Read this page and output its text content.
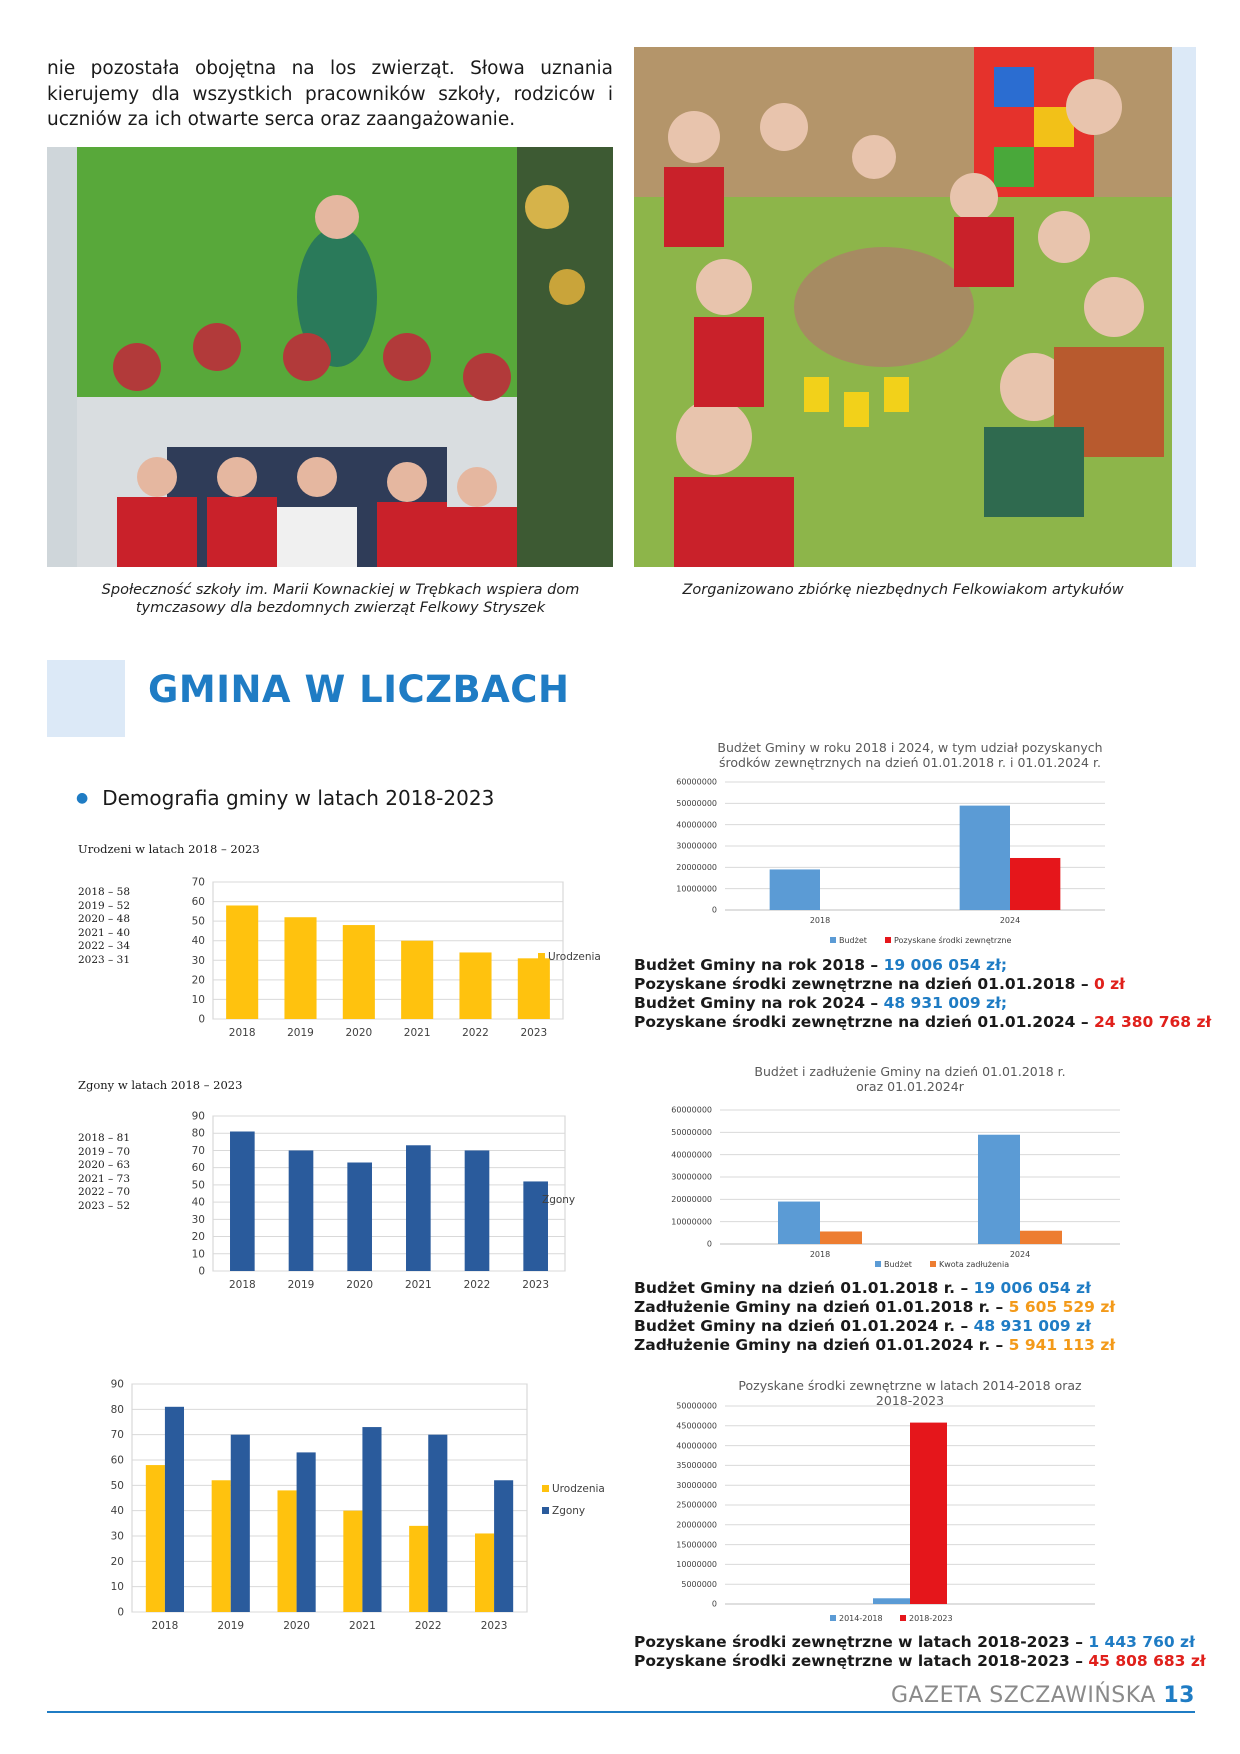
nie pozostała obojętna na los zwierząt. Słowa uznania kierujemy dla wszystkich pracowników szkoły, rodziców i uczniów za ich otwarte serca oraz zaangażowanie.
Społeczność szkoły im. Marii Kownackiej w Trębkach wspiera dom tymczasowy dla bezdomnych zwierząt Felkowy Stryszek
Zorganizowano zbiórkę niezbędnych Felkowiakom artykułów
GMINA W LICZBACH
● Demografia gminy w latach 2018-2023
Urodzeni w latach 2018 – 2023
2018 – 58
2019 – 52
2020 – 48
2021 – 40
2022 – 34
2023 – 31
0
10
20
30
40
50
60
70
2018	2019	2020	2021	2022	2023
Urodzenia
Zgony w latach 2018 – 2023
2018 – 81
2019 – 70
2020 – 63
2021 – 73
2022 – 70
2023 – 52
0
10
20
30
40
50
60
70
80
90
2018	2019	2020	2021	2022	2023
Zgony
0
10
20
30
40
50
60
70
80
90
2018	2019	2020	2021	2022	2023
Urodzenia
Zgony
Budżet Gminy w roku 2018 i 2024, w tym udział pozyskanych środków zewnętrznych na dzień 01.01.2018 r. i 01.01.2024 r.
0
10000000
20000000
30000000
40000000
50000000
60000000
2018	2024
Budżet	Pozyskane środki zewnętrzne
Budżet Gminy na rok 2018 – 19 006 054 zł;
Pozyskane środki zewnętrzne na dzień 01.01.2018 – 0 zł
Budżet Gminy na rok 2024 – 48 931 009 zł;
Pozyskane środki zewnętrzne na dzień 01.01.2024 – 24 380 768 zł
Budżet i zadłużenie Gminy na dzień 01.01.2018 r. oraz 01.01.2024r
0
10000000
20000000
30000000
40000000
50000000
60000000
2018	2024
Budżet	Kwota zadłużenia
Budżet Gminy na dzień 01.01.2018 r. – 19 006 054 zł
Zadłużenie Gminy na dzień 01.01.2018 r. – 5 605 529 zł
Budżet Gminy na dzień 01.01.2024 r. – 48 931 009 zł
Zadłużenie Gminy na dzień 01.01.2024 r. – 5 941 113 zł
Pozyskane środki zewnętrzne w latach 2014-2018 oraz 2018-2023
0
5000000
10000000
15000000
20000000
25000000
30000000
35000000
40000000
45000000
50000000
2014-2018	2018-2023
Pozyskane środki zewnętrzne w latach 2018-2023 – 1 443 760 zł
Pozyskane środki zewnętrzne w latach 2018-2023 – 45 808 683 zł
GAZETA SZCZAWIŃSKA 13
